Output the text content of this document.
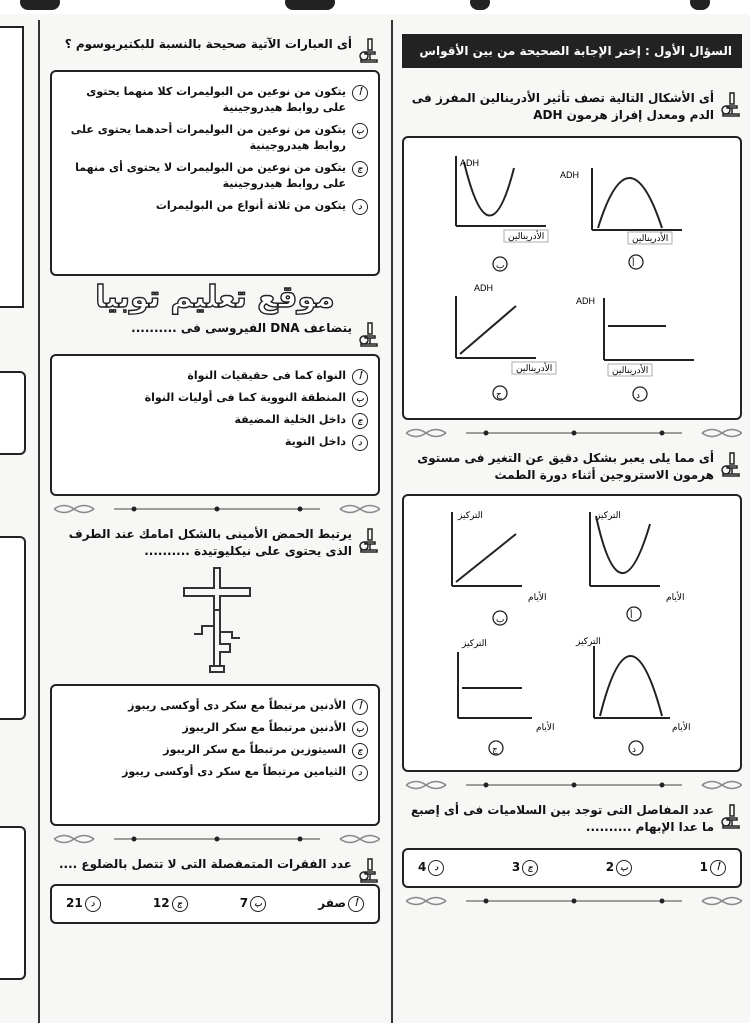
السؤال الأول : إختر الإجابة الصحيحة من بين الأقواس
أى الأشكال التالية تصف تأثير الأدرينالين المفرز فى الدم ومعدل إفراز هرمون ADH
ADH
الأدرينالين
ب
ADH
الأدرينالين
أ
ADH
الأدرينالين
ج
ADH
الأدرينالين
د
أى مما يلى يعبر بشكل دقيق عن التغير فى مستوى هرمون الاستروجين أثناء دورة الطمث
التركيز
الأيام
ب
التركيز
الأيام
أ
التركيز
الأيام
ج
التركيز
الأيام
د
عدد المفاصل التى توجد بين السلاميات فى أى إصبع ما عدا الإبهام ..........
أ
1
ب
2
ج
3
د
4
أى العبارات الآتية صحيحة بالنسبة للبكتيريوسوم ؟
أ
يتكون من نوعين من البوليمرات كلا منهما يحتوى على روابط هيدروجينية
ب
يتكون من نوعين من البوليمرات أحدهما يحتوى على روابط هيدروجينية
ج
يتكون من نوعين من البوليمرات لا يحتوى أى منهما على روابط هيدروجينية
د
يتكون من ثلاثة أنواع من البوليمرات
موقع تعليم توبيا
يتضاعف DNA الفيروسى فى ..........
أ
النواة كما فى حقيقيات النواة
ب
المنطقة النووية كما فى أوليات النواة
ج
داخل الخلية المضيفة
د
داخل النوية
يرتبط الحمض الأمينى بالشكل امامك عند الطرف الذى يحتوى على نيكليوتيدة ..........
أ
الأدنين مرتبطاً مع سكر دى أوكسى ريبوز
ب
الأدنين مرتبطاً مع سكر الريبوز
ج
السيتوزين مرتبطاً مع سكر الريبوز
د
الثيامين مرتبطاً مع سكر دى أوكسى ريبوز
عدد الفقرات المتمفصلة التى لا تتصل بالضلوع ....
أ
صفر
ب
7
ج
12
د
21
